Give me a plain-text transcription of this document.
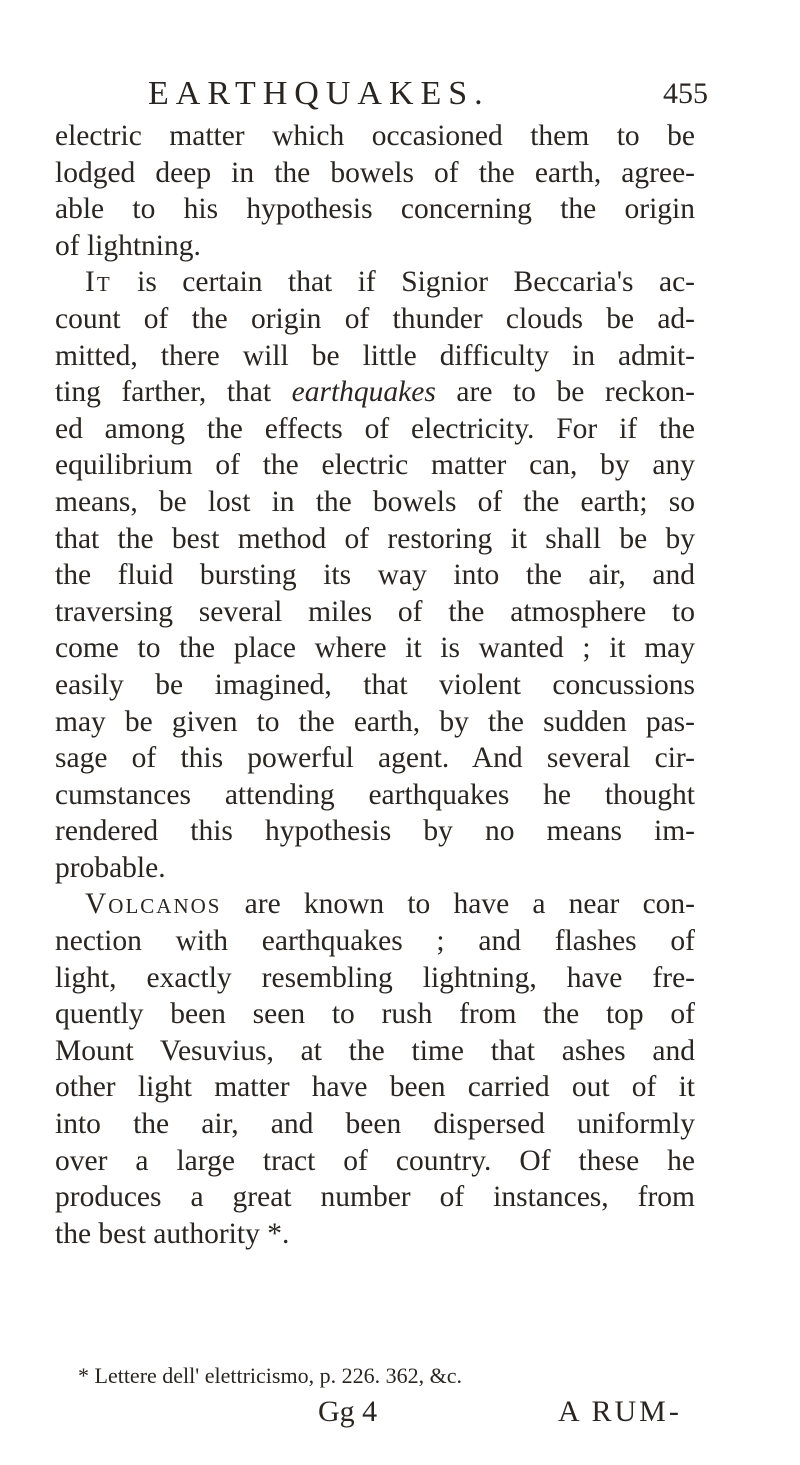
EARTHQUAKES.	455
electric matter which occasioned them to be
lodged deep in the bowels of the earth, agree-
able to his hypothesis concerning the origin
of lightning.
It is certain that if Signior Beccaria's ac-
count of the origin of thunder clouds be ad-
mitted, there will be little difficulty in admit-
ting farther, that earthquakes are to be reckon-
ed among the effects of electricity. For if the
equilibrium of the electric matter can, by any
means, be lost in the bowels of the earth; so
that the best method of restoring it shall be by
the fluid bursting its way into the air, and
traversing several miles of the atmosphere to
come to the place where it is wanted ; it may
easily be imagined, that violent concussions
may be given to the earth, by the sudden pas-
sage of this powerful agent. And several cir-
cumstances attending earthquakes he thought
rendered this hypothesis by no means im-
probable.
Volcanos are known to have a near con-
nection with earthquakes ; and flashes of
light, exactly resembling lightning, have fre-
quently been seen to rush from the top of
Mount Vesuvius, at the time that ashes and
other light matter have been carried out of it
into the air, and been dispersed uniformly
over a large tract of country. Of these he
produces a great number of instances, from
the best authority *.
* Lettere dell' elettricismo, p. 226. 362, &c.
Gg 4	A RUM-
